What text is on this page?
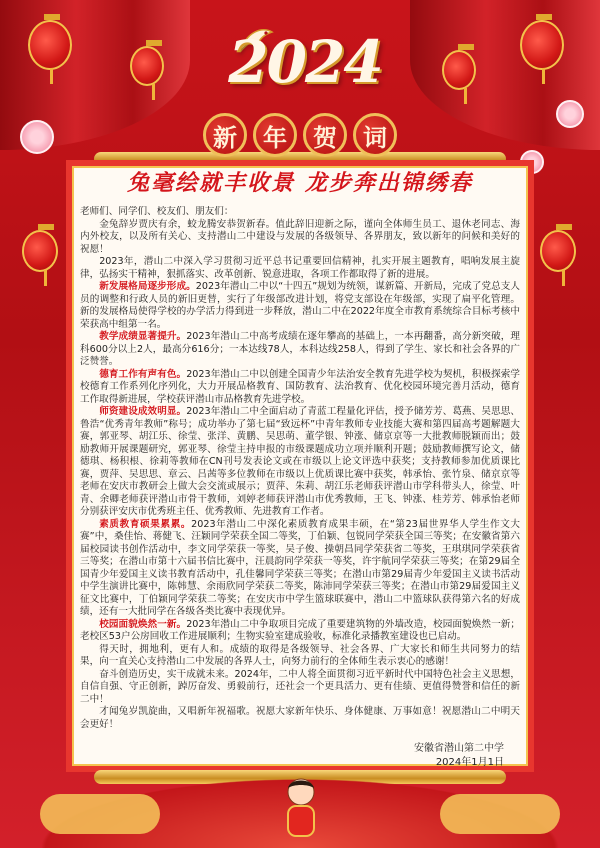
2024
新	年	贺	词
兔毫绘就丰收景 龙步奔出锦绣春

老师们、同学们、校友们、朋友们：

金兔辞岁贾庆有余，蛟龙腾安恭贺新春。值此辞旧迎新之际，谨向全体师生员工、退休老同志、海内外校友，以及所有关心、支持潜山二中建设与发展的各级领导、各界朋友，致以新年的问候和美好的祝愿！

2023年，潜山二中深入学习贯彻习近平总书记重要回信精神，扎实开展主题教育，唱响发展主旋律，弘扬实干精神，狠抓落实、改革创新、锐意进取，各项工作都取得了新的进展。

新发展格局逐步形成。2023年潜山二中以“十四五”规划为统领，谋新篇、开新局，完成了党总支人员的调整和行政人员的新旧更替，实行了年级部改进计划，将党支部设在年级部，实现了扁平化管理。新的发展格局使得学校的办学活力得到进一步释放，潜山二中在2022年度全市教育系统综合目标考核中荣获高中组第一名。

教学成绩显著提升。2023年潜山二中高考成绩在逐年攀高的基础上，一本再翻番，高分新突破，理科600分以上2人，最高分616分；一本达线78人，本科达线258人，得到了学生、家长和社会各界的广泛赞誉。

德育工作有声有色。2023年潜山二中以创建全国青少年法治安全教育先进学校为契机，积极探索学校德育工作系列化序列化，大力开展品格教育、国防教育、法治教育、优化校园环境完善月活动，德育工作取得新进展，学校获评潜山市品格教育先进学校。

师资建设成效明显。2023年潜山二中全面启动了青蓝工程量化评估，授予储芳芳、葛燕、吴思思、鲁浩“优秀青年教师”称号；成功举办了第七届“致远杯”中青年教师专业技能大赛和第四届高考题解题大赛，郭亚琴、胡江乐、徐莹、张洋、黄鹏、吴思萌、董学银、钟涨、储京京等一大批教师脱颖而出；鼓励教师开展课题研究，郭亚琴、徐莹主持申报的市级课题成功立项并顺利开题；鼓励教师撰写论文，储德琪、杨积根、徐莉等教师在CN刊号发表论文或在市级以上论文评选中获奖；支持教师参加优质课比赛，贾萍、吴思思、章云、吕茜等多位教师在市级以上优质课比赛中获奖，韩承怡、张竹泉、储京京等老师在安庆市教研会上做大会交流或展示；贾萍、朱莉、胡江乐老师获评潜山市学科带头人，徐莹、叶青、余卿老师获评潜山市骨干教师，刘婷老师获评潜山市优秀教师，王飞、钟涨、桂芳芳、韩承怡老师分别获评安庆市优秀班主任、优秀教师、先进教育工作者。

素质教育硕果累累。2023年潜山二中深化素质教育成果丰硕，在“第23届世界华人学生作文大赛”中，桑佳怡、蒋健飞、汪颖同学荣获全国二等奖，丁伯颖、包锐同学荣获全国三等奖；在安徽省第六届校园读书创作活动中，李文同学荣获一等奖，吴子俊、操朝昌同学荣获省二等奖，王琪琪同学荣获省三等奖；在潜山市第十六届书信比赛中，汪晨韵同学荣获一等奖，许宇航同学荣获三等奖；在第29届全国青少年爱国主义读书教育活动中，孔佳馨同学荣获三等奖；在潜山市第29届青少年爱国主义读书活动中学生演讲比赛中，陈韩慧、余雨欣同学荣获二等奖，陈沛同学荣获三等奖；在潜山市第29届爱国主义征文比赛中，丁伯颖同学荣获二等奖；在安庆市中学生篮球联赛中，潜山二中篮球队获得第六名的好成绩，还有一大批同学在各级各类比赛中表现优异。

校园面貌焕然一新。2023年潜山二中争取项目完成了重要建筑物的外墙改造，校园面貌焕然一新；老校区53户公房回收工作进展顺利；生物实验室建成验收，标准化录播教室建设也已启动。

得天时，拥地利，更有人和。成绩的取得是各级领导、社会各界、广大家长和师生共同努力的结果，向一直关心支持潜山二中发展的各界人士，向努力前行的全体师生表示衷心的感谢！

奋斗创造历史，实干成就未来。2024年，二中人将全面贯彻习近平新时代中国特色社会主义思想，自信自强、守正创新，踔厉奋发、勇毅前行，还社会一个更具活力、更有佳绩、更值得赞誉和信任的新二中！

才闻兔岁凯旋曲，又唱新年祝福歌。祝愿大家新年快乐、身体健康、万事如意！祝愿潜山二中明天会更好！

安徽省潜山第二中学
2024年1月1日
